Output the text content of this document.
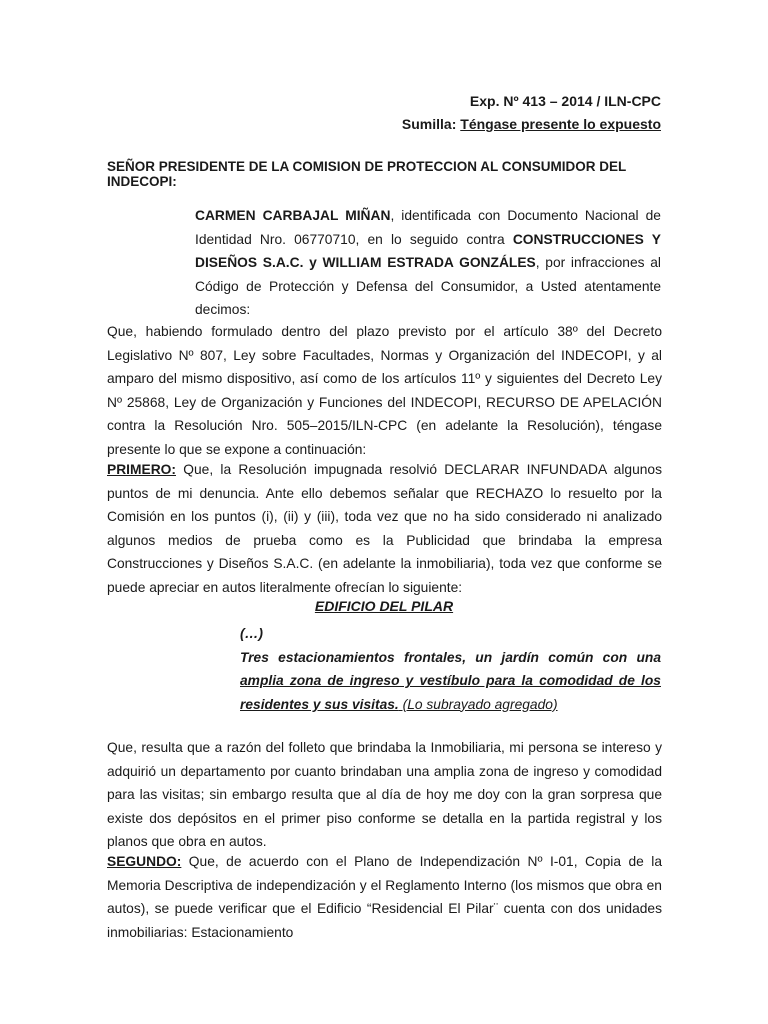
Exp. Nº 413 – 2014 / ILN-CPC
Sumilla: Téngase presente lo expuesto
SEÑOR PRESIDENTE DE LA COMISION DE PROTECCION AL CONSUMIDOR DEL INDECOPI:
CARMEN CARBAJAL MIÑAN, identificada con Documento Nacional de Identidad Nro. 06770710, en lo seguido contra CONSTRUCCIONES Y DISEÑOS S.A.C. y WILLIAM ESTRADA GONZÁLES, por infracciones al Código de Protección y Defensa del Consumidor, a Usted atentamente decimos:
Que, habiendo formulado dentro del plazo previsto por el artículo 38º del Decreto Legislativo Nº 807, Ley sobre Facultades, Normas y Organización del INDECOPI, y al amparo del mismo dispositivo, así como de los artículos 11º y siguientes del Decreto Ley Nº 25868, Ley de Organización y Funciones del INDECOPI, RECURSO DE APELACIÓN contra la Resolución Nro. 505–2015/ILN-CPC (en adelante la Resolución), téngase presente lo que se expone a continuación:
PRIMERO: Que, la Resolución impugnada resolvió DECLARAR INFUNDADA algunos puntos de mi denuncia. Ante ello debemos señalar que RECHAZO lo resuelto por la Comisión en los puntos (i), (ii) y (iii), toda vez que no ha sido considerado ni analizado algunos medios de prueba como es la Publicidad que brindaba la empresa Construcciones y Diseños S.A.C. (en adelante la inmobiliaria), toda vez que conforme se puede apreciar en autos literalmente ofrecían lo siguiente:
EDIFICIO DEL PILAR
(…)
Tres estacionamientos frontales, un jardín común con una amplia zona de ingreso y vestíbulo para la comodidad de los residentes y sus visitas. (Lo subrayado agregado)
Que, resulta que a razón del folleto que brindaba la Inmobiliaria, mi persona se intereso y adquirió un departamento por cuanto brindaban una amplia zona de ingreso y comodidad para las visitas; sin embargo resulta que al día de hoy me doy con la gran sorpresa que existe dos depósitos en el primer piso conforme se detalla en la partida registral y los planos que obra en autos.
SEGUNDO: Que, de acuerdo con el Plano de Independización Nº I-01, Copia de la Memoria Descriptiva de independización y el Reglamento Interno (los mismos que obra en autos), se puede verificar que el Edificio “Residencial El Pilar¨ cuenta con dos unidades inmobiliarias: Estacionamiento
